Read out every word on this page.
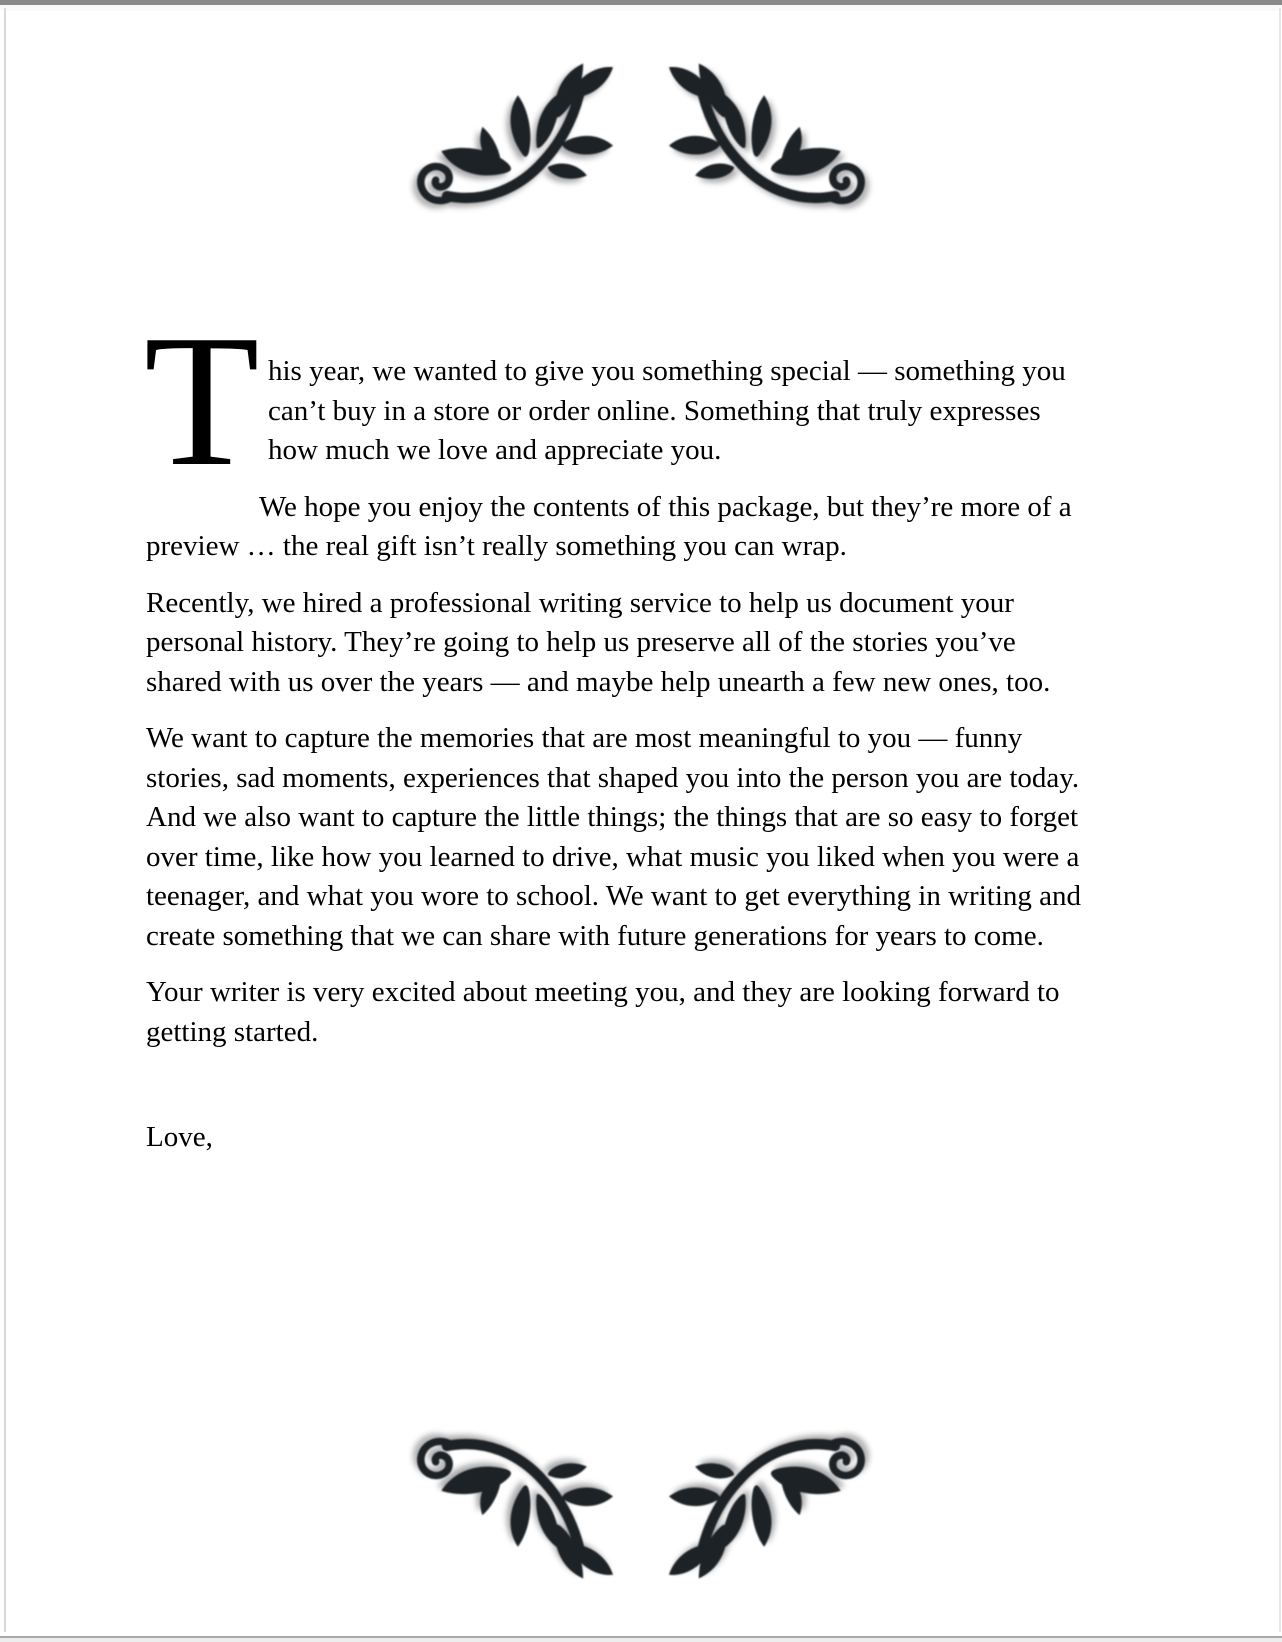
T his year, we wanted to give you something special — something you can’t buy in a store or order online. Something that truly expresses how much we love and appreciate you.

We hope you enjoy the contents of this package, but they’re more of a preview … the real gift isn’t really something you can wrap.

Recently, we hired a professional writing service to help us document your personal history. They’re going to help us preserve all of the stories you’ve shared with us over the years — and maybe help unearth a few new ones, too.

We want to capture the memories that are most meaningful to you — funny stories, sad moments, experiences that shaped you into the person you are today. And we also want to capture the little things; the things that are so easy to forget over time, like how you learned to drive, what music you liked when you were a teenager, and what you wore to school. We want to get everything in writing and create something that we can share with future generations for years to come.

Your writer is very excited about meeting you, and they are looking forward to getting started.

Love,
